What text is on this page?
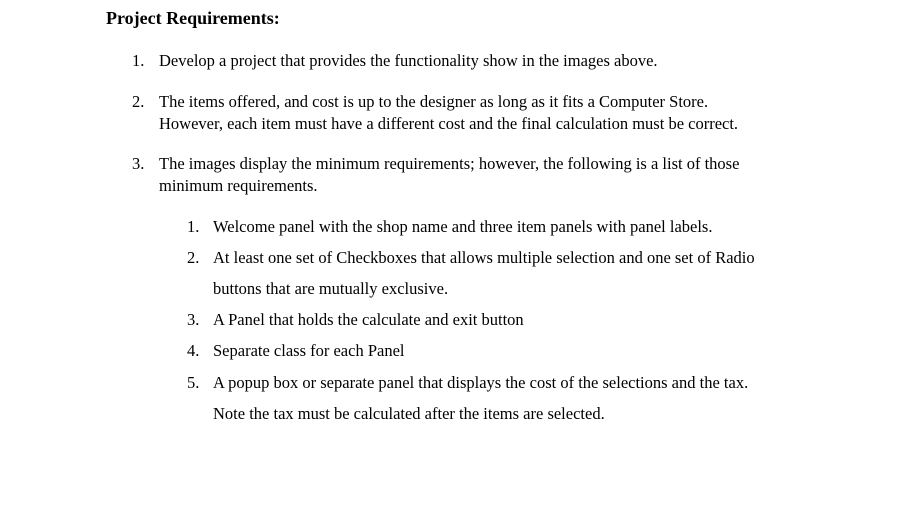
Project Requirements:
1. Develop a project that provides the functionality show in the images above.
2. The items offered, and cost is up to the designer as long as it fits a Computer Store.
However, each item must have a different cost and the final calculation must be correct.
3. The images display the minimum requirements; however, the following is a list of those
minimum requirements.
1. Welcome panel with the shop name and three item panels with panel labels.
2. At least one set of Checkboxes that allows multiple selection and one set of Radio
buttons that are mutually exclusive.
3. A Panel that holds the calculate and exit button
4. Separate class for each Panel
5. A popup box or separate panel that displays the cost of the selections and the tax.
Note the tax must be calculated after the items are selected.
